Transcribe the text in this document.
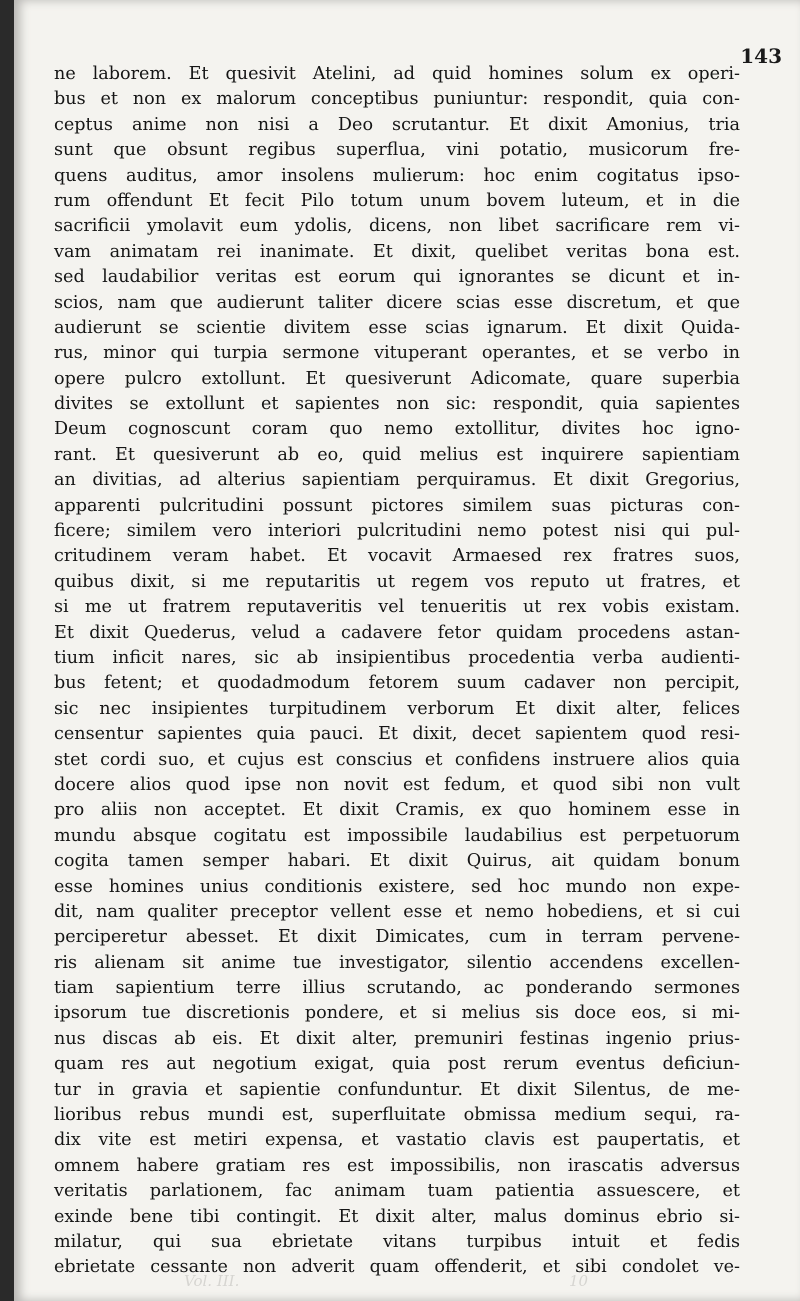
143
ne laborem. Et quesivit Atelini, ad quid homines solum ex operi-
bus et non ex malorum conceptibus puniuntur: respondit, quia con-
ceptus anime non nisi a Deo scrutantur. Et dixit Amonius, tria
sunt que obsunt regibus superflua, vini potatio, musicorum fre-
quens auditus, amor insolens mulierum: hoc enim cogitatus ipso-
rum offendunt Et fecit Pilo totum unum bovem luteum, et in die
sacrificii ymolavit eum ydolis, dicens, non libet sacrificare rem vi-
vam animatam rei inanimate. Et dixit, quelibet veritas bona est.
sed laudabilior veritas est eorum qui ignorantes se dicunt et in-
scios, nam que audierunt taliter dicere scias esse discretum, et que
audierunt se scientie divitem esse scias ignarum. Et dixit Quida-
rus, minor qui turpia sermone vituperant operantes, et se verbo in
opere pulcro extollunt. Et quesiverunt Adicomate, quare superbia
divites se extollunt et sapientes non sic: respondit, quia sapientes
Deum cognoscunt coram quo nemo extollitur, divites hoc igno-
rant. Et quesiverunt ab eo, quid melius est inquirere sapientiam
an divitias, ad alterius sapientiam perquiramus. Et dixit Gregorius,
apparenti pulcritudini possunt pictores similem suas picturas con-
ficere; similem vero interiori pulcritudini nemo potest nisi qui pul-
critudinem veram habet. Et vocavit Armaesed rex fratres suos,
quibus dixit, si me reputaritis ut regem vos reputo ut fratres, et
si me ut fratrem reputaveritis vel tenueritis ut rex vobis existam.
Et dixit Quederus, velud a cadavere fetor quidam procedens astan-
tium inficit nares, sic ab insipientibus procedentia verba audienti-
bus fetent; et quodadmodum fetorem suum cadaver non percipit,
sic nec insipientes turpitudinem verborum Et dixit alter, felices
censentur sapientes quia pauci. Et dixit, decet sapientem quod resi-
stet cordi suo, et cujus est conscius et confidens instruere alios quia
docere alios quod ipse non novit est fedum, et quod sibi non vult
pro aliis non acceptet. Et dixit Cramis, ex quo hominem esse in
mundu absque cogitatu est impossibile laudabilius est perpetuorum
cogita tamen semper habari. Et dixit Quirus, ait quidam bonum
esse homines unius conditionis existere, sed hoc mundo non expe-
dit, nam qualiter preceptor vellent esse et nemo hobediens, et si cui
perciperetur abesset. Et dixit Dimicates, cum in terram pervene-
ris alienam sit anime tue investigator, silentio accendens excellen-
tiam sapientium terre illius scrutando, ac ponderando sermones
ipsorum tue discretionis pondere, et si melius sis doce eos, si mi-
nus discas ab eis. Et dixit alter, premuniri festinas ingenio prius-
quam res aut negotium exigat, quia post rerum eventus deficiun-
tur in gravia et sapientie confunduntur. Et dixit Silentus, de me-
lioribus rebus mundi est, superfluitate obmissa medium sequi, ra-
dix vite est metiri expensa, et vastatio clavis est paupertatis, et
omnem habere gratiam res est impossibilis, non irascatis adversus
veritatis parlationem, fac animam tuam patientia assuescere, et
exinde bene tibi contingit. Et dixit alter, malus dominus ebrio si-
milatur, qui sua ebrietate vitans turpibus intuit et fedis
ebrietate cessante non adverit quam offenderit, et sibi condolet ve-
Vol. III.	10
